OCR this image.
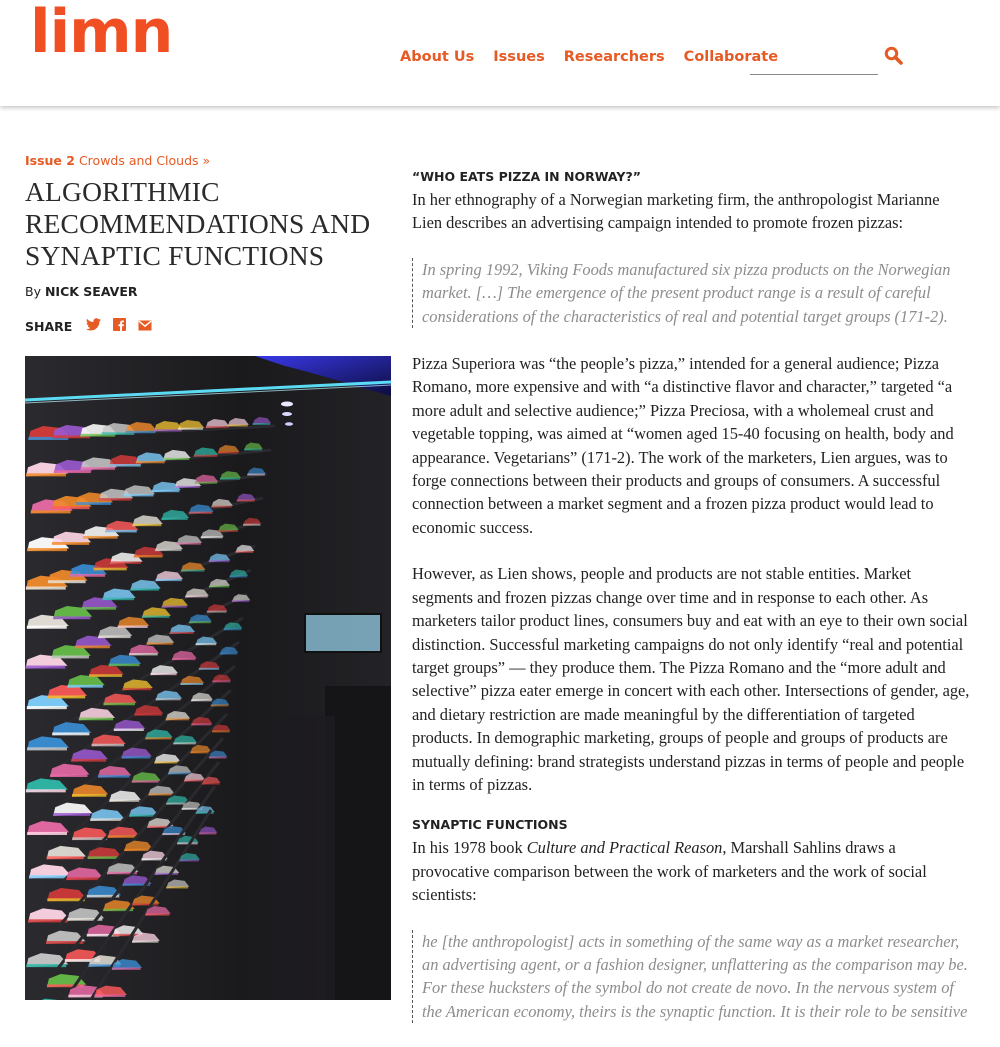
limn	About Us Issues Researchers Collaborate
Issue 2 Crowds and Clouds »
ALGORITHMIC RECOMMENDATIONS AND SYNAPTIC FUNCTIONS
By NICK SEAVER
SHARE
“WHO EATS PIZZA IN NORWAY?”

In her ethnography of a Norwegian marketing firm, the anthropologist Marianne Lien describes an advertising campaign intended to promote frozen pizzas:

In spring 1992, Viking Foods manufactured six pizza products on the Norwegian market. […] The emergence of the present product range is a result of careful considerations of the characteristics of real and potential target groups (171-2).

Pizza Superiora was “the people’s pizza,” intended for a general audience; Pizza Romano, more expensive and with “a distinctive flavor and character,” targeted “a more adult and selective audience;” Pizza Preciosa, with a wholemeal crust and vegetable topping, was aimed at “women aged 15-40 focusing on health, body and appearance. Vegetarians” (171-2). The work of the marketers, Lien argues, was to forge connections between their products and groups of consumers. A successful connection between a market segment and a frozen pizza product would lead to economic success.

However, as Lien shows, people and products are not stable entities. Market segments and frozen pizzas change over time and in response to each other. As marketers tailor product lines, consumers buy and eat with an eye to their own social distinction. Successful marketing campaigns do not only identify “real and potential target groups” — they produce them. The Pizza Romano and the “more adult and selective” pizza eater emerge in concert with each other. Intersections of gender, age, and dietary restriction are made meaningful by the differentiation of targeted products. In demographic marketing, groups of people and groups of products are mutually defining: brand strategists understand pizzas in terms of people and people in terms of pizzas.

SYNAPTIC FUNCTIONS

In his 1978 book Culture and Practical Reason, Marshall Sahlins draws a provocative comparison between the work of marketers and the work of social scientists:

he [the anthropologist] acts in something of the same way as a market researcher, an advertising agent, or a fashion designer, unflattering as the comparison may be. For these hucksters of the symbol do not create de novo. In the nervous system of the American economy, theirs is the synaptic function. It is their role to be sensitive
